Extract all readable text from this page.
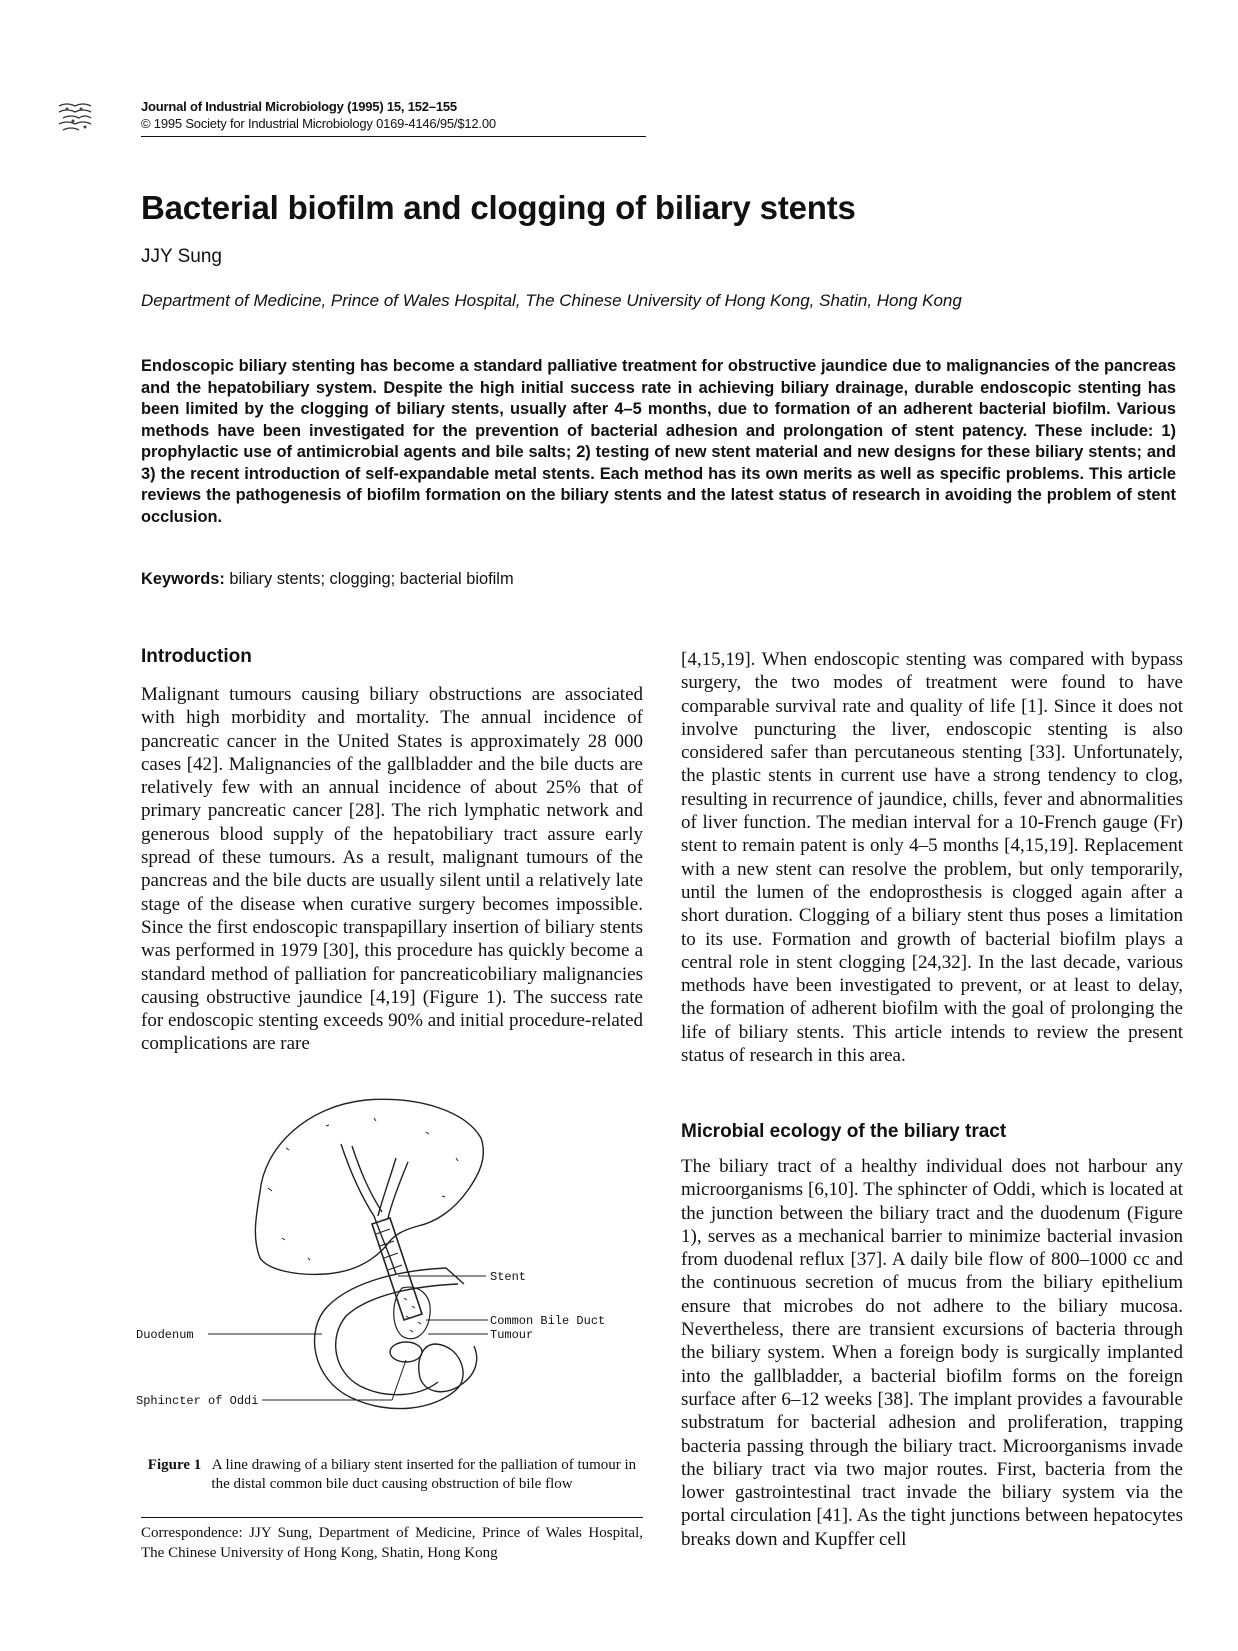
Journal of Industrial Microbiology (1995) 15, 152–155
© 1995 Society for Industrial Microbiology 0169-4146/95/$12.00
Bacterial biofilm and clogging of biliary stents
JJY Sung
Department of Medicine, Prince of Wales Hospital, The Chinese University of Hong Kong, Shatin, Hong Kong

Endoscopic biliary stenting has become a standard palliative treatment for obstructive jaundice due to malignancies of the pancreas and the hepatobiliary system. Despite the high initial success rate in achieving biliary drainage, durable endoscopic stenting has been limited by the clogging of biliary stents, usually after 4–5 months, due to formation of an adherent bacterial biofilm. Various methods have been investigated for the prevention of bacterial adhesion and prolongation of stent patency. These include: 1) prophylactic use of antimicrobial agents and bile salts; 2) testing of new stent material and new designs for these biliary stents; and 3) the recent introduction of self-expandable metal stents. Each method has its own merits as well as specific problems. This article reviews the pathogenesis of biofilm formation on the biliary stents and the latest status of research in avoiding the problem of stent occlusion.

Keywords: biliary stents; clogging; bacterial biofilm
Introduction

Malignant tumours causing biliary obstructions are associated with high morbidity and mortality. The annual incidence of pancreatic cancer in the United States is approximately 28 000 cases [42]. Malignancies of the gallbladder and the bile ducts are relatively few with an annual incidence of about 25% that of primary pancreatic cancer [28]. The rich lymphatic network and generous blood supply of the hepatobiliary tract assure early spread of these tumours. As a result, malignant tumours of the pancreas and the bile ducts are usually silent until a relatively late stage of the disease when curative surgery becomes impossible. Since the first endoscopic transpapillary insertion of biliary stents was performed in 1979 [30], this procedure has quickly become a standard method of palliation for pancreaticobiliary malignancies causing obstructive jaundice [4,19] (Figure 1). The success rate for endoscopic stenting exceeds 90% and initial procedure-related complications are rare

[4,15,19]. When endoscopic stenting was compared with bypass surgery, the two modes of treatment were found to have comparable survival rate and quality of life [1]. Since it does not involve puncturing the liver, endoscopic stenting is also considered safer than percutaneous stenting [33]. Unfortunately, the plastic stents in current use have a strong tendency to clog, resulting in recurrence of jaundice, chills, fever and abnormalities of liver function. The median interval for a 10-French gauge (Fr) stent to remain patent is only 4–5 months [4,15,19]. Replacement with a new stent can resolve the problem, but only temporarily, until the lumen of the endoprosthesis is clogged again after a short duration. Clogging of a biliary stent thus poses a limitation to its use. Formation and growth of bacterial biofilm plays a central role in stent clogging [24,32]. In the last decade, various methods have been investigated to prevent, or at least to delay, the formation of adherent biofilm with the goal of prolonging the life of biliary stents. This article intends to review the present status of research in this area.

Microbial ecology of the biliary tract

The biliary tract of a healthy individual does not harbour any microorganisms [6,10]. The sphincter of Oddi, which is located at the junction between the biliary tract and the duodenum (Figure 1), serves as a mechanical barrier to minimize bacterial invasion from duodenal reflux [37]. A daily bile flow of 800–1000 cc and the continuous secretion of mucus from the biliary epithelium ensure that microbes do not adhere to the biliary mucosa. Nevertheless, there are transient excursions of bacteria through the biliary system. When a foreign body is surgically implanted into the gallbladder, a bacterial biofilm forms on the foreign surface after 6–12 weeks [38]. The implant provides a favourable substratum for bacterial adhesion and proliferation, trapping bacteria passing through the biliary tract. Microorganisms invade the biliary tract via two major routes. First, bacteria from the lower gastrointestinal tract invade the biliary system via the portal circulation [41]. As the tight junctions between hepatocytes breaks down and Kupffer cell

Stent
Common Bile Duct
Tumour
Duodenum
Sphincter of Oddi

Figure 1 A line drawing of a biliary stent inserted for the palliation of tumour in the distal common bile duct causing obstruction of bile flow

Correspondence: JJY Sung, Department of Medicine, Prince of Wales Hospital, The Chinese University of Hong Kong, Shatin, Hong Kong
